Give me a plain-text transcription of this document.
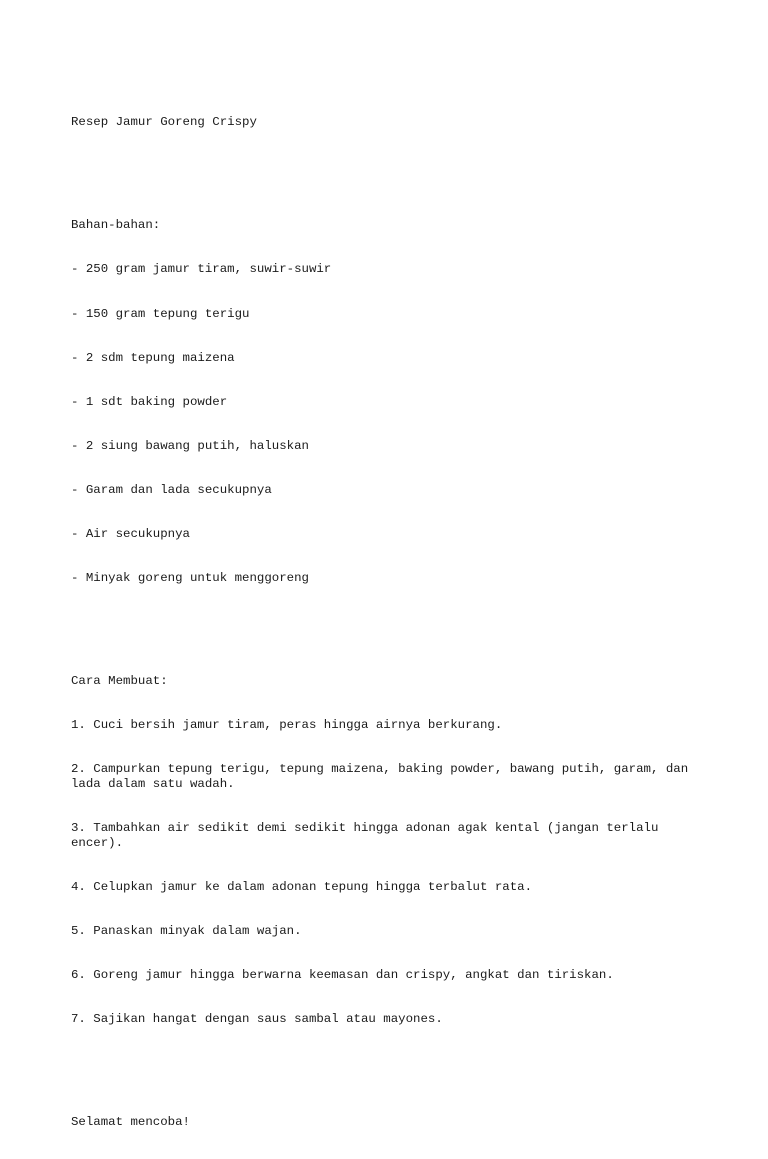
Resep Jamur Goreng Crispy

Bahan-bahan:

- 250 gram jamur tiram, suwir-suwir

- 150 gram tepung terigu

- 2 sdm tepung maizena

- 1 sdt baking powder

- 2 siung bawang putih, haluskan

- Garam dan lada secukupnya

- Air secukupnya

- Minyak goreng untuk menggoreng

Cara Membuat:

1. Cuci bersih jamur tiram, peras hingga airnya berkurang.

2. Campurkan tepung terigu, tepung maizena, baking powder, bawang putih, garam, dan
lada dalam satu wadah.

3. Tambahkan air sedikit demi sedikit hingga adonan agak kental (jangan terlalu
encer).

4. Celupkan jamur ke dalam adonan tepung hingga terbalut rata.

5. Panaskan minyak dalam wajan.

6. Goreng jamur hingga berwarna keemasan dan crispy, angkat dan tiriskan.

7. Sajikan hangat dengan saus sambal atau mayones.

Selamat mencoba!
